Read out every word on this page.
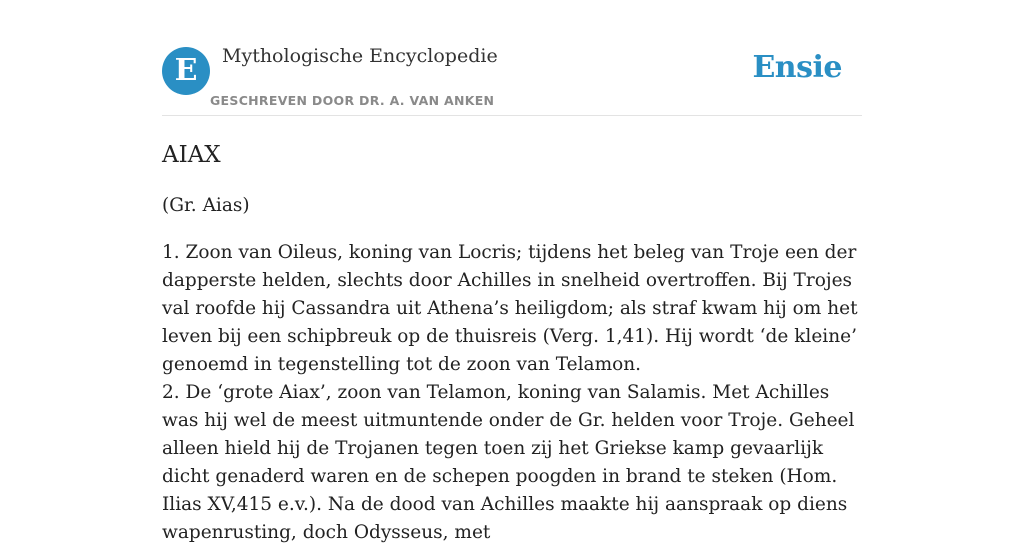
E	Mythologische Encyclopedie
GESCHREVEN DOOR DR. A. VAN ANKEN
Ensie
AIAX
(Gr. Aias)

1. Zoon van Oileus, koning van Locris; tijdens het beleg van Troje een der dapperste helden, slechts door Achilles in snelheid overtroffen. Bij Trojes val roofde hij Cassandra uit Athena’s heiligdom; als straf kwam hij om het leven bij een schipbreuk op de thuisreis (Verg. 1,41). Hij wordt ‘de kleine’ genoemd in tegenstelling tot de zoon van Telamon.

2. De ‘grote Aiax’, zoon van Telamon, koning van Salamis. Met Achilles was hij wel de meest uitmuntende onder de Gr. helden voor Troje. Geheel alleen hield hij de Trojanen tegen toen zij het Griekse kamp gevaarlijk dicht genaderd waren en de schepen poogden in brand te steken (Hom. Ilias XV,415 e.v.). Na de dood van Achilles maakte hij aanspraak op diens wapenrusting, doch Odysseus, met
